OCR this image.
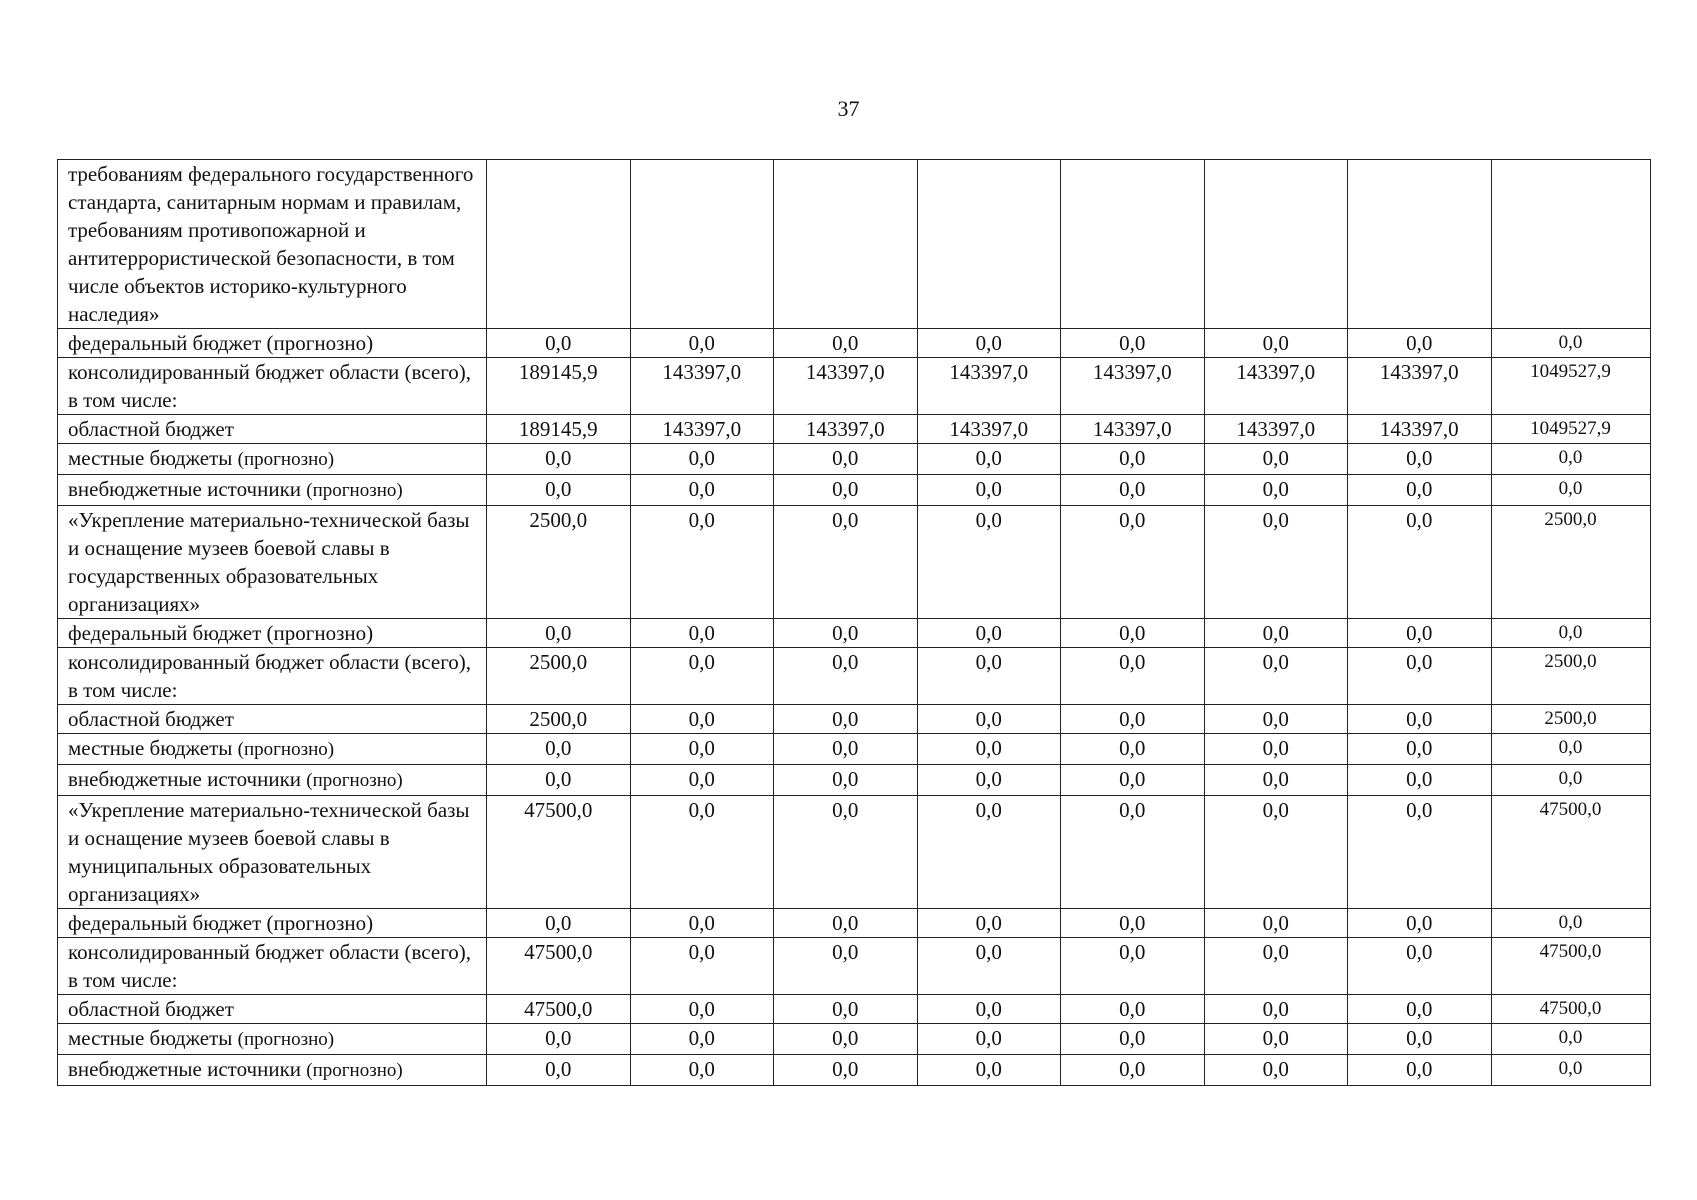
37
требованиям федерального государственного стандарта, санитарным нормам и правилам, требованиям противопожарной и антитеррористической безопасности, в том числе объектов историко-культурного наследия»								
федеральный бюджет (прогнозно)	0,0	0,0	0,0	0,0	0,0	0,0	0,0	0,0
консолидированный бюджет области (всего), в том числе:	189145,9	143397,0	143397,0	143397,0	143397,0	143397,0	143397,0	1049527,9
областной бюджет	189145,9	143397,0	143397,0	143397,0	143397,0	143397,0	143397,0	1049527,9
местные бюджеты (прогнозно)	0,0	0,0	0,0	0,0	0,0	0,0	0,0	0,0
внебюджетные источники (прогнозно)	0,0	0,0	0,0	0,0	0,0	0,0	0,0	0,0
«Укрепление материально-технической базы и оснащение музеев боевой славы в государственных образовательных организациях»	2500,0	0,0	0,0	0,0	0,0	0,0	0,0	2500,0
федеральный бюджет (прогнозно)	0,0	0,0	0,0	0,0	0,0	0,0	0,0	0,0
консолидированный бюджет области (всего), в том числе:	2500,0	0,0	0,0	0,0	0,0	0,0	0,0	2500,0
областной бюджет	2500,0	0,0	0,0	0,0	0,0	0,0	0,0	2500,0
местные бюджеты (прогнозно)	0,0	0,0	0,0	0,0	0,0	0,0	0,0	0,0
внебюджетные источники (прогнозно)	0,0	0,0	0,0	0,0	0,0	0,0	0,0	0,0
«Укрепление материально-технической базы и оснащение музеев боевой славы в муниципальных образовательных организациях»	47500,0	0,0	0,0	0,0	0,0	0,0	0,0	47500,0
федеральный бюджет (прогнозно)	0,0	0,0	0,0	0,0	0,0	0,0	0,0	0,0
консолидированный бюджет области (всего), в том числе:	47500,0	0,0	0,0	0,0	0,0	0,0	0,0	47500,0
областной бюджет	47500,0	0,0	0,0	0,0	0,0	0,0	0,0	47500,0
местные бюджеты (прогнозно)	0,0	0,0	0,0	0,0	0,0	0,0	0,0	0,0
внебюджетные источники (прогнозно)	0,0	0,0	0,0	0,0	0,0	0,0	0,0	0,0
